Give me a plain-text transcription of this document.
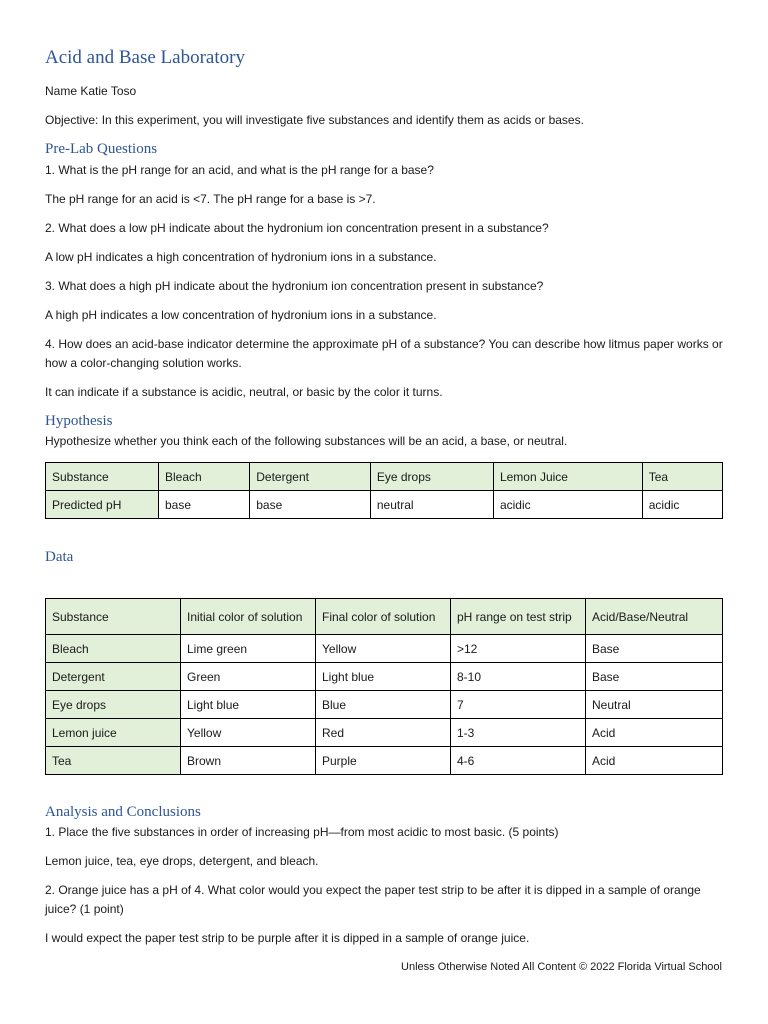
Acid and Base Laboratory
Name Katie Toso
Objective: In this experiment, you will investigate five substances and identify them as acids or bases.
Pre-Lab Questions
1. What is the pH range for an acid, and what is the pH range for a base?
The pH range for an acid is <7. The pH range for a base is >7.
2. What does a low pH indicate about the hydronium ion concentration present in a substance?
A low pH indicates a high concentration of hydronium ions in a substance.
3. What does a high pH indicate about the hydronium ion concentration present in substance?
A high pH indicates a low concentration of hydronium ions in a substance.
4. How does an acid-base indicator determine the approximate pH of a substance? You can describe how litmus paper works or how a color-changing solution works.
It can indicate if a substance is acidic, neutral, or basic by the color it turns.
Hypothesis
Hypothesize whether you think each of the following substances will be an acid, a base, or neutral.
Substance	Bleach	Detergent	Eye drops	Lemon Juice	Tea
Predicted pH	base	base	neutral	acidic	acidic
Data
Substance	Initial color of solution	Final color of solution	pH range on test strip	Acid/Base/Neutral
Bleach	Lime green	Yellow	>12	Base
Detergent	Green	Light blue	8-10	Base
Eye drops	Light blue	Blue	7	Neutral
Lemon juice	Yellow	Red	1-3	Acid
Tea	Brown	Purple	4-6	Acid
Analysis and Conclusions
1. Place the five substances in order of increasing pH—from most acidic to most basic. (5 points)
Lemon juice, tea, eye drops, detergent, and bleach.
2. Orange juice has a pH of 4. What color would you expect the paper test strip to be after it is dipped in a sample of orange juice? (1 point)
I would expect the paper test strip to be purple after it is dipped in a sample of orange juice.
Unless Otherwise Noted All Content © 2022 Florida Virtual School
